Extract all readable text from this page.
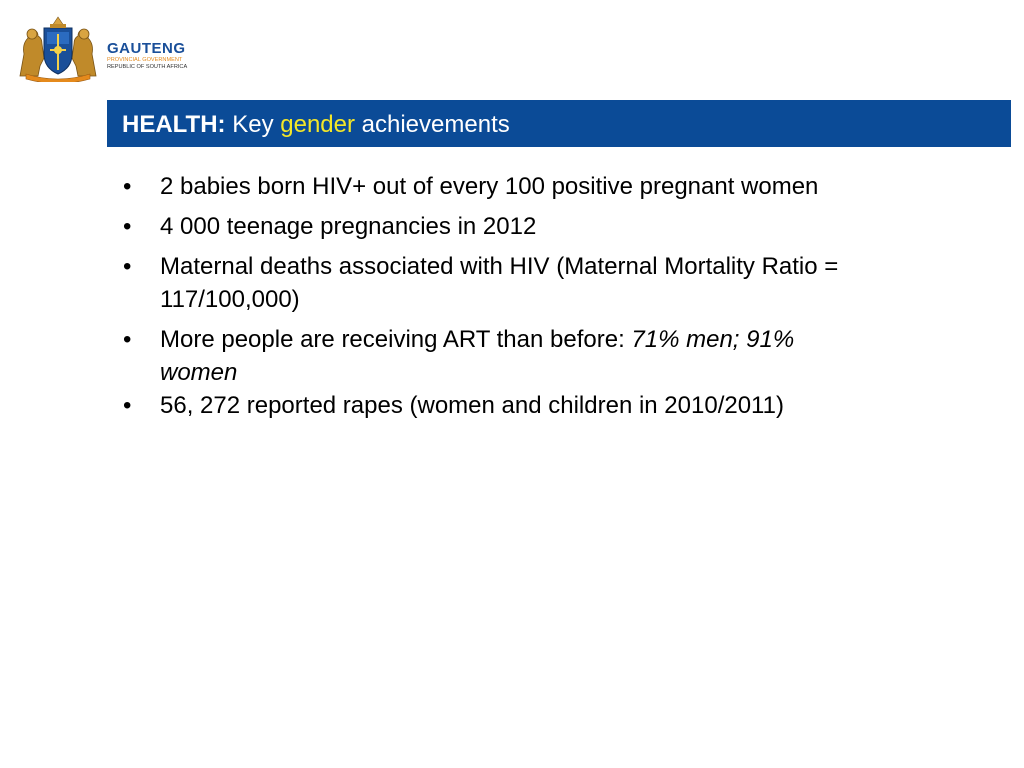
GAUTENG
PROVINCIAL GOVERNMENT
REPUBLIC OF SOUTH AFRICA
HEALTH: Key gender achievements
• 2 babies born HIV+ out of every 100 positive pregnant women
• 4 000 teenage pregnancies in 2012
• Maternal deaths associated with HIV (Maternal Mortality Ratio =
117/100,000)
• More people are receiving ART than before: 71% men; 91%
women
• 56, 272 reported rapes (women and children in 2010/2011)
